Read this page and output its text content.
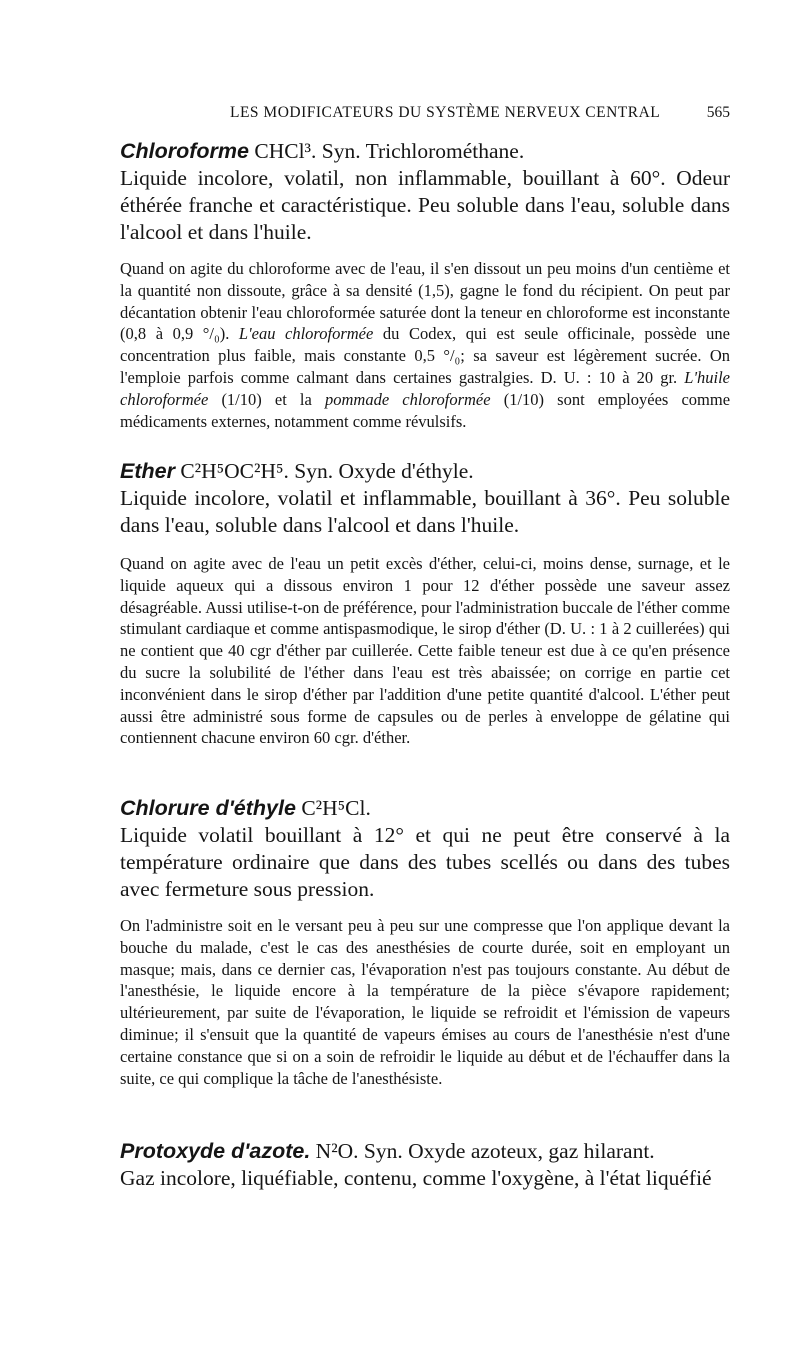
LES MODIFICATEURS DU SYSTÈME NERVEUX CENTRAL	565

Chloroforme CHCl³. Syn. Trichlorométhane.

Liquide incolore, volatil, non inflammable, bouillant à 60°. Odeur éthérée franche et caractéristique. Peu soluble dans l'eau, soluble dans l'alcool et dans l'huile.

Quand on agite du chloroforme avec de l'eau, il s'en dissout un peu moins d'un centième et la quantité non dissoute, grâce à sa densité (1,5), gagne le fond du récipient. On peut par décantation obtenir l'eau chloroformée saturée dont la teneur en chloroforme est inconstante (0,8 à 0,9 °/₀). L'eau chloroformée du Codex, qui est seule officinale, possède une concentration plus faible, mais constante 0,5 °/₀; sa saveur est légèrement sucrée. On l'emploie parfois comme calmant dans certaines gastralgies. D. U. : 10 à 20 gr. L'huile chloroformée (1/10) et la pommade chloroformée (1/10) sont employées comme médicaments externes, notamment comme révulsifs.

Ether C²H⁵OC²H⁵. Syn. Oxyde d'éthyle.

Liquide incolore, volatil et inflammable, bouillant à 36°. Peu soluble dans l'eau, soluble dans l'alcool et dans l'huile.

Quand on agite avec de l'eau un petit excès d'éther, celui-ci, moins dense, surnage, et le liquide aqueux qui a dissous environ 1 pour 12 d'éther possède une saveur assez désagréable. Aussi utilise-t-on de préférence, pour l'administration buccale de l'éther comme stimulant cardiaque et comme antispasmodique, le sirop d'éther (D. U. : 1 à 2 cuillerées) qui ne contient que 40 cgr d'éther par cuillerée. Cette faible teneur est due à ce qu'en présence du sucre la solubilité de l'éther dans l'eau est très abaissée; on corrige en partie cet inconvénient dans le sirop d'éther par l'addition d'une petite quantité d'alcool. L'éther peut aussi être administré sous forme de capsules ou de perles à enveloppe de gélatine qui contiennent chacune environ 60 cgr. d'éther.

Chlorure d'éthyle C²H⁵Cl.

Liquide volatil bouillant à 12° et qui ne peut être conservé à la température ordinaire que dans des tubes scellés ou dans des tubes avec fermeture sous pression.

On l'administre soit en le versant peu à peu sur une compresse que l'on applique devant la bouche du malade, c'est le cas des anesthésies de courte durée, soit en employant un masque; mais, dans ce dernier cas, l'évaporation n'est pas toujours constante. Au début de l'anesthésie, le liquide encore à la température de la pièce s'évapore rapidement; ultérieurement, par suite de l'évaporation, le liquide se refroidit et l'émission de vapeurs diminue; il s'ensuit que la quantité de vapeurs émises au cours de l'anesthésie n'est d'une certaine constance que si on a soin de refroidir le liquide au début et de l'échauffer dans la suite, ce qui complique la tâche de l'anesthésiste.

Protoxyde d'azote. N²O. Syn. Oxyde azoteux, gaz hilarant.

Gaz incolore, liquéfiable, contenu, comme l'oxygène, à l'état liquéfié
